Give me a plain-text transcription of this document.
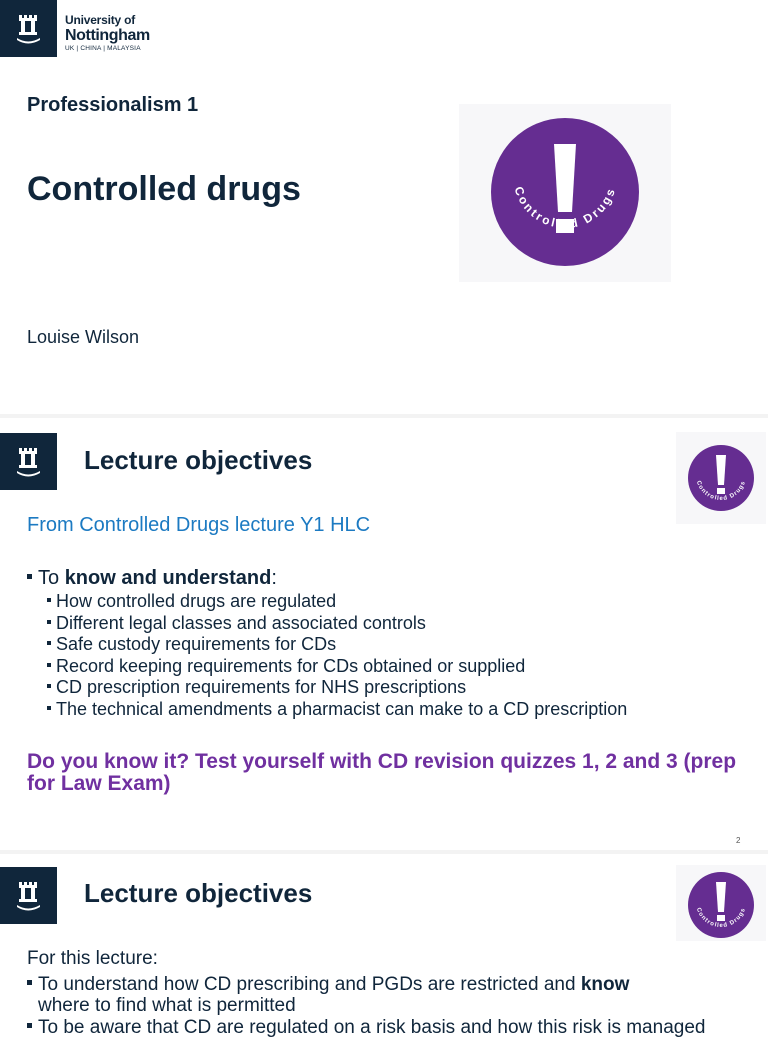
University of
Nottingham
UK | CHINA | MALAYSIA
Professionalism 1
Controlled drugs
Louise Wilson
Controlled Drugs
Lecture objectives
Controlled Drugs
From Controlled Drugs lecture Y1 HLC
To know and understand:
How controlled drugs are regulated
Different legal classes and associated controls
Safe custody requirements for CDs
Record keeping requirements for CDs obtained or supplied
CD prescription requirements for NHS prescriptions
The technical amendments a pharmacist can make to a CD prescription
Do you know it? Test yourself with CD revision quizzes 1, 2 and 3 (prep for Law Exam)
2
Lecture objectives
Controlled Drugs
For this lecture:
To understand how CD prescribing and PGDs are restricted and know
where to find what is permitted
To be aware that CD are regulated on a risk basis and how this risk is managed
